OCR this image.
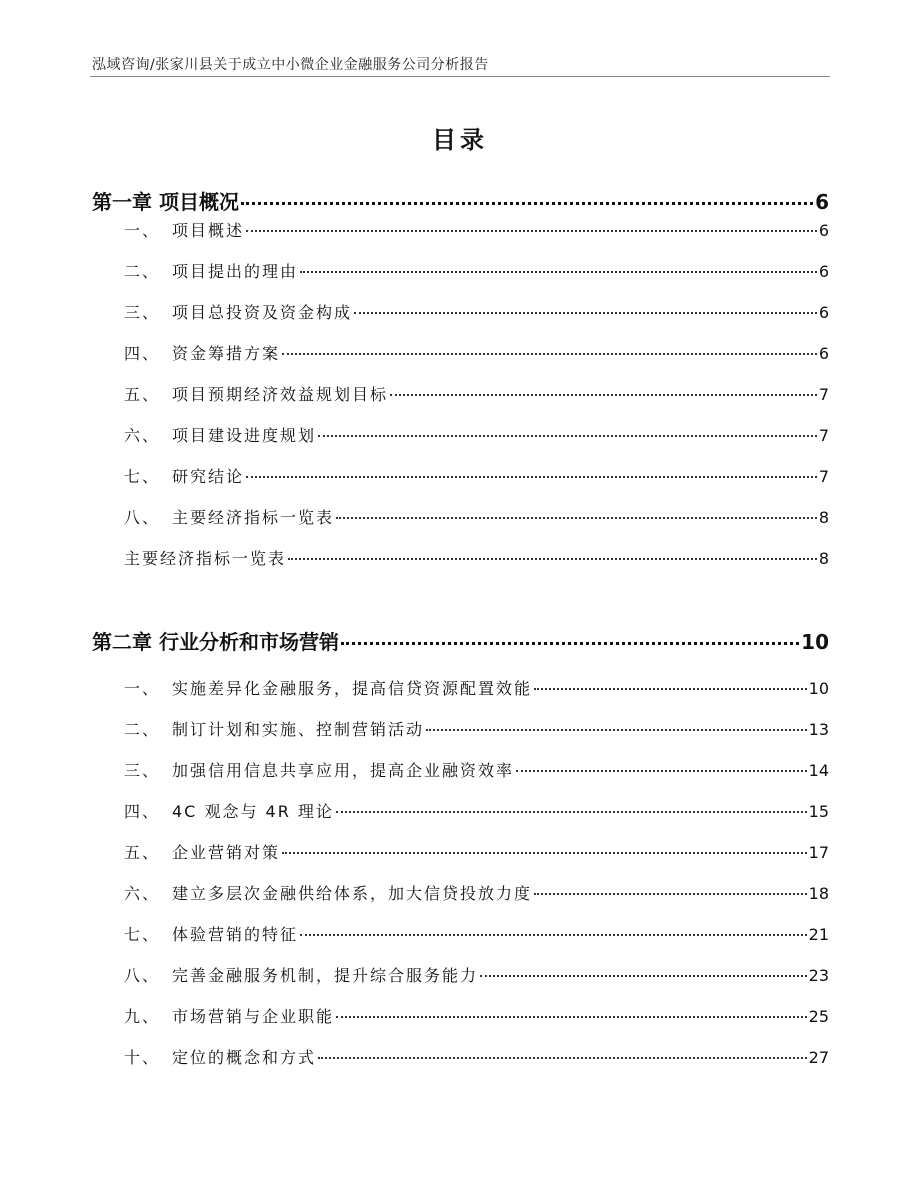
泓域咨询/张家川县关于成立中小微企业金融服务公司分析报告
目录
第一章 项目概况	6
一、 项目概述	6
二、 项目提出的理由	6
三、 项目总投资及资金构成	6
四、 资金筹措方案	6
五、 项目预期经济效益规划目标	7
六、 项目建设进度规划	7
七、 研究结论	7
八、 主要经济指标一览表	8
主要经济指标一览表	8
第二章 行业分析和市场营销	10
一、 实施差异化金融服务，提高信贷资源配置效能	10
二、 制订计划和实施、控制营销活动	13
三、 加强信用信息共享应用，提高企业融资效率	14
四、 4C 观念与 4R 理论	15
五、 企业营销对策	17
六、 建立多层次金融供给体系，加大信贷投放力度	18
七、 体验营销的特征	21
八、 完善金融服务机制，提升综合服务能力	23
九、 市场营销与企业职能	25
十、 定位的概念和方式	27
